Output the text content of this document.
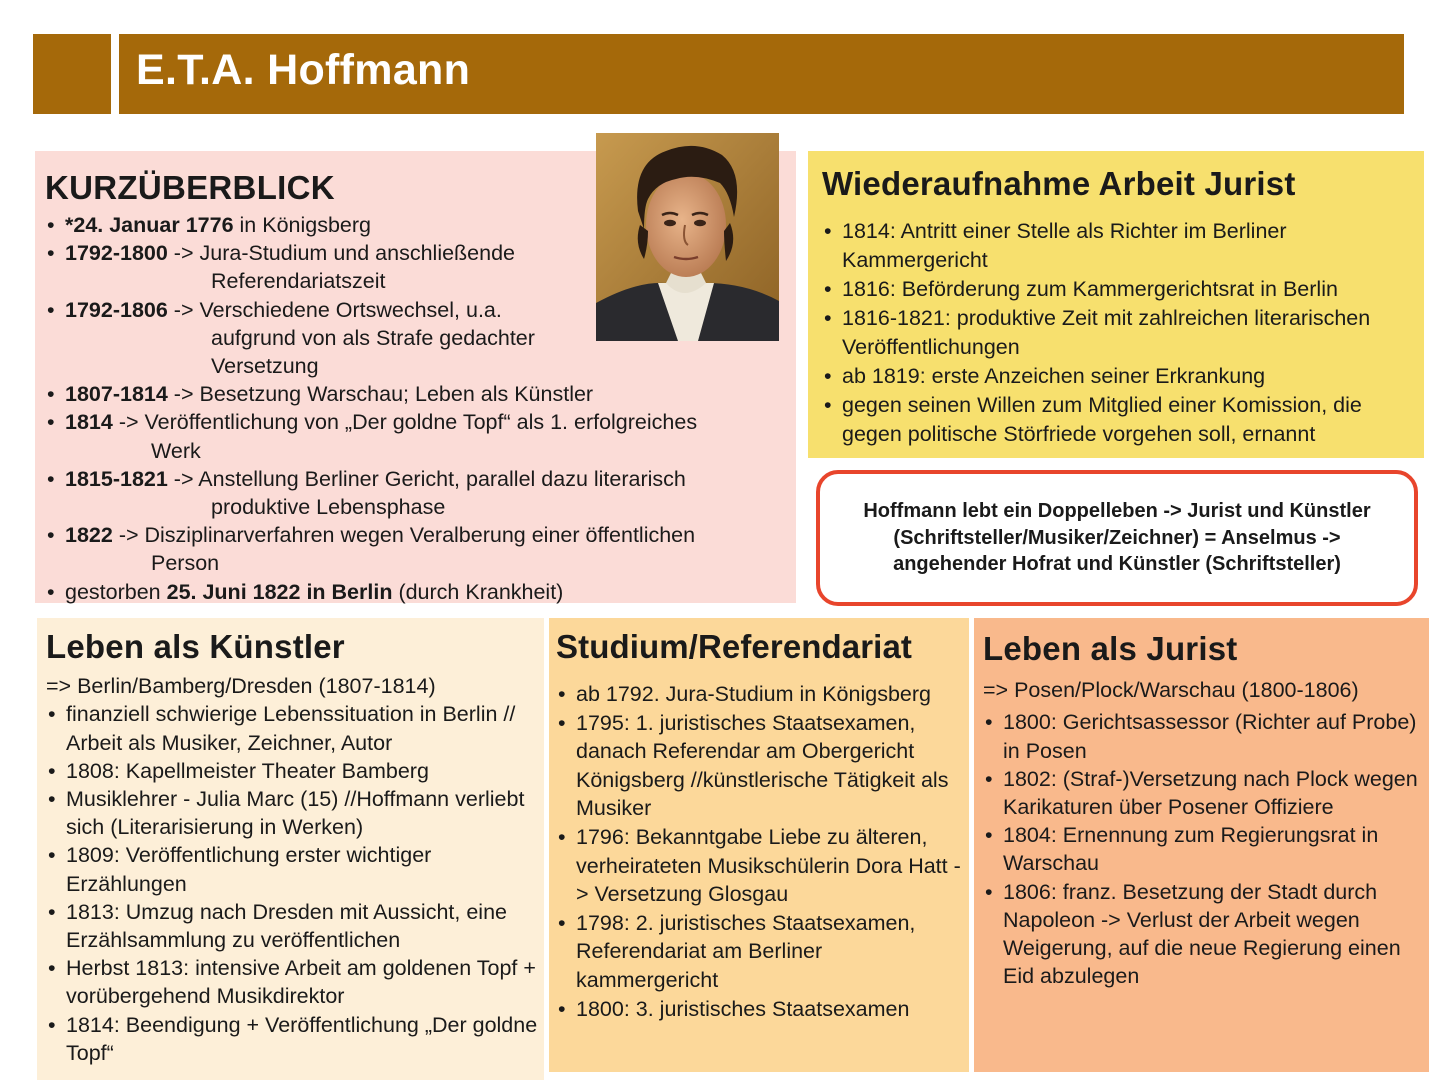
E.T.A. Hoffmann
KURZÜBERBLICK
• *24. Januar 1776 in Königsberg
• 1792-1800 -> Jura-Studium und anschließende
Referendariatszeit
• 1792-1806 -> Verschiedene Ortswechsel, u.a.
aufgrund von als Strafe gedachter
Versetzung
• 1807-1814 -> Besetzung Warschau; Leben als Künstler
• 1814 -> Veröffentlichung von „Der goldne Topf“ als 1. erfolgreiches
Werk
• 1815-1821 -> Anstellung Berliner Gericht, parallel dazu literarisch
produktive Lebensphase
• 1822 -> Disziplinarverfahren wegen Veralberung einer öffentlichen
Person
• gestorben 25. Juni 1822 in Berlin (durch Krankheit)
Wiederaufnahme Arbeit Jurist
• 1814: Antritt einer Stelle als Richter im Berliner Kammergericht
• 1816: Beförderung zum Kammergerichtsrat in Berlin
• 1816-1821: produktive Zeit mit zahlreichen literarischen Veröffentlichungen
• ab 1819: erste Anzeichen seiner Erkrankung
• gegen seinen Willen zum Mitglied einer Komission, die gegen politische Störfriede vorgehen soll, ernannt
Hoffmann lebt ein Doppelleben -> Jurist und Künstler (Schriftsteller/Musiker/Zeichner) = Anselmus -> angehender Hofrat und Künstler (Schriftsteller)
Leben als Künstler
=> Berlin/Bamberg/Dresden (1807-1814)
• finanziell schwierige Lebenssituation in Berlin // Arbeit als Musiker, Zeichner, Autor
• 1808: Kapellmeister Theater Bamberg
• Musiklehrer - Julia Marc (15) //Hoffmann verliebt sich (Literarisierung in Werken)
• 1809: Veröffentlichung erster wichtiger Erzählungen
• 1813: Umzug nach Dresden mit Aussicht, eine Erzählsammlung zu veröffentlichen
• Herbst 1813: intensive Arbeit am goldenen Topf + vorübergehend Musikdirektor
• 1814: Beendigung + Veröffentlichung „Der goldne Topf“
Studium/Referendariat
• ab 1792. Jura-Studium in Königsberg
• 1795: 1. juristisches Staatsexamen, danach Referendar am Obergericht Königsberg //künstlerische Tätigkeit als Musiker
• 1796: Bekanntgabe Liebe zu älteren, verheirateten Musikschülerin Dora Hatt -> Versetzung Glosgau
• 1798: 2. juristisches Staatsexamen, Referendariat am Berliner kammergericht
• 1800: 3. juristisches Staatsexamen
Leben als Jurist
=> Posen/Plock/Warschau (1800-1806)
• 1800: Gerichtsassessor (Richter auf Probe) in Posen
• 1802: (Straf-)Versetzung nach Plock wegen Karikaturen über Posener Offiziere
• 1804: Ernennung zum Regierungsrat in Warschau
• 1806: franz. Besetzung der Stadt durch Napoleon -> Verlust der Arbeit wegen Weigerung, auf die neue Regierung einen Eid abzulegen
